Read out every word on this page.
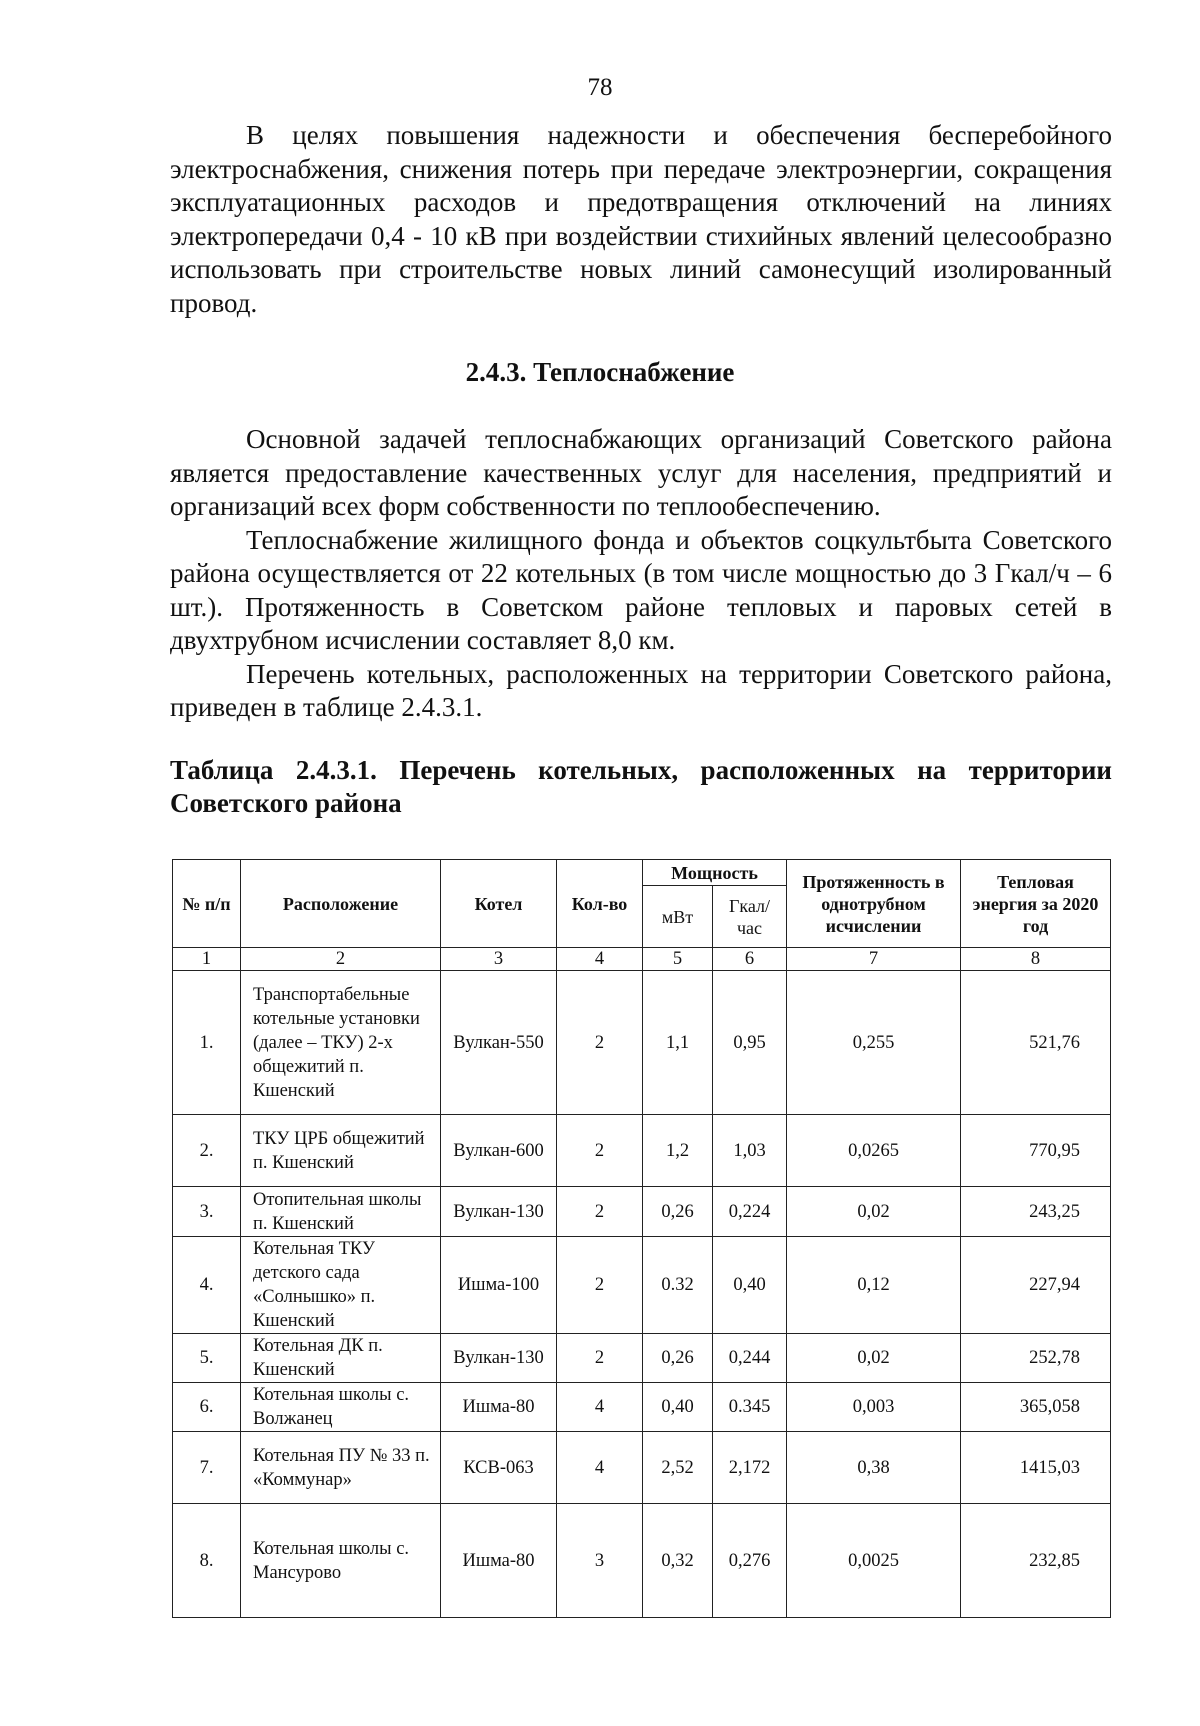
78

В целях повышения надежности и обеспечения бесперебойного электроснабжения, снижения потерь при передаче электроэнергии, сокращения эксплуатационных расходов и предотвращения отключений на линиях электропередачи 0,4 - 10 кВ при воздействии стихийных явлений целесообразно использовать при строительстве новых линий самонесущий изолированный провод.

2.4.3. Теплоснабжение

Основной задачей теплоснабжающих организаций Советского района является предоставление качественных услуг для населения, предприятий и организаций всех форм собственности по теплообеспечению.

Теплоснабжение жилищного фонда и объектов соцкультбыта Советского района осуществляется от 22 котельных (в том числе мощностью до 3 Гкал/ч – 6 шт.). Протяженность в Советском районе тепловых и паровых сетей в двухтрубном исчислении составляет 8,0 км.

Перечень котельных, расположенных на территории Советского района, приведен в таблице 2.4.3.1.

Таблица 2.4.3.1. Перечень котельных, расположенных на территории Советского района
№ п/п	Расположение	Котел	Кол-во	Мощность		Протяженность в однотрубном исчислении	Тепловая энергия за 2020 год
				мВт	Гкал/ час		
1	2	3	4	5	6	7	8
1.	Транспортабельные котельные установки (далее – ТКУ) 2-х общежитий п. Кшенский	Вулкан-550	2	1,1	0,95	0,255	521,76
2.	ТКУ ЦРБ общежитий п. Кшенский	Вулкан-600	2	1,2	1,03	0,0265	770,95
3.	Отопительная школы п. Кшенский	Вулкан-130	2	0,26	0,224	0,02	243,25
4.	Котельная ТКУ детского сада «Солнышко» п. Кшенский	Ишма-100	2	0.32	0,40	0,12	227,94
5.	Котельная ДК п. Кшенский	Вулкан-130	2	0,26	0,244	0,02	252,78
6.	Котельная школы с. Волжанец	Ишма-80	4	0,40	0.345	0,003	365,058
7.	Котельная ПУ № 33 п. «Коммунар»	КСВ-063	4	2,52	2,172	0,38	1415,03
8.	Котельная школы с. Мансурово	Ишма-80	3	0,32	0,276	0,0025	232,85
